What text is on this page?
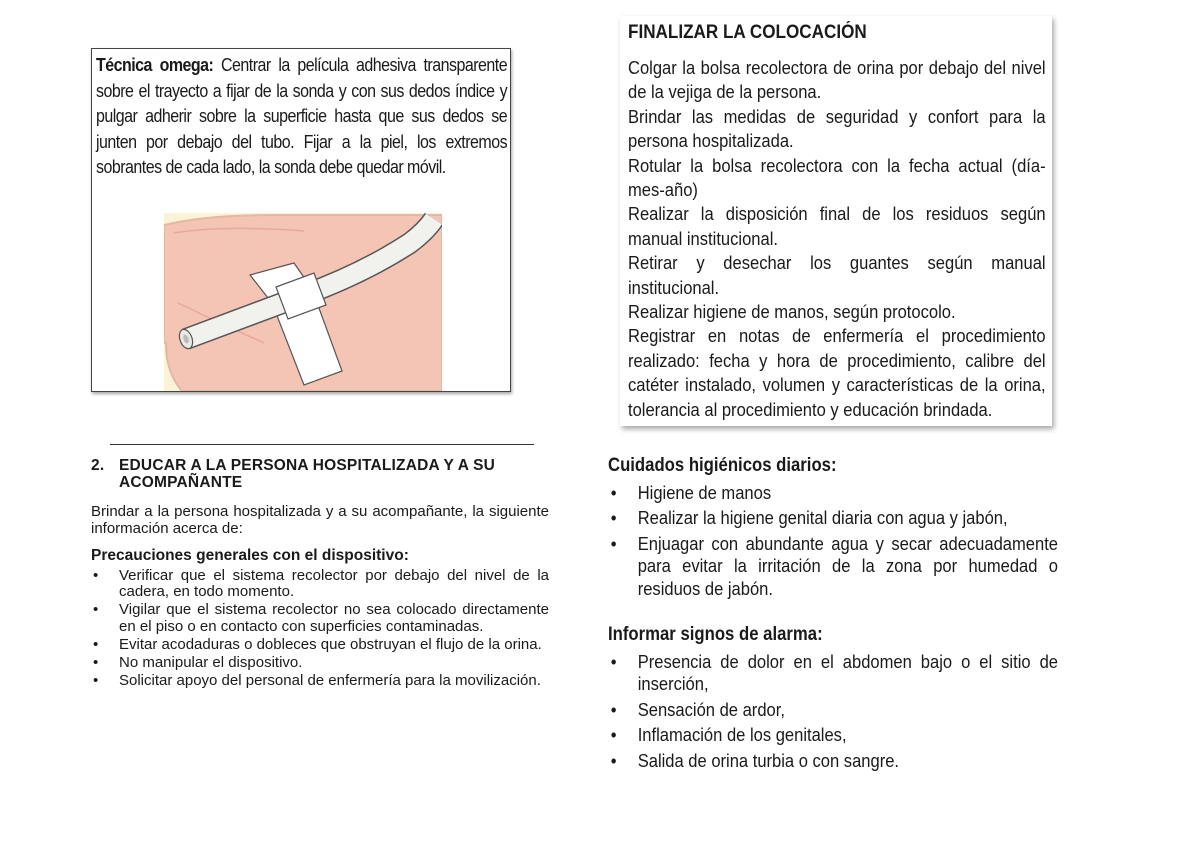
Técnica omega: Centrar la película adhesiva transparente sobre el trayecto a fijar de la sonda y con sus dedos índice y pulgar adherir sobre la superficie hasta que sus dedos se junten por debajo del tubo. Fijar a la piel, los extremos sobrantes de cada lado, la sonda debe quedar móvil.
FINALIZAR LA COLOCACIÓN

Colgar la bolsa recolectora de orina por debajo del nivel de la vejiga de la persona.

Brindar las medidas de seguridad y confort para la persona hospitalizada.

Rotular la bolsa recolectora con la fecha actual (día-mes-año)

Realizar la disposición final de los residuos según manual institucional.

Retirar y desechar los guantes según manual institucional.

Realizar higiene de manos, según protocolo.

Registrar en notas de enfermería el procedimiento realizado: fecha y hora de procedimiento, calibre del catéter instalado, volumen y características de la orina, tolerancia al procedimiento y educación brindada.

2. EDUCAR A LA PERSONA HOSPITALIZADA Y A SU ACOMPAÑANTE
Brindar a la persona hospitalizada y a su acompañante, la siguiente información acerca de:
Precauciones generales con el dispositivo:
• Verificar que el sistema recolector por debajo del nivel de la cadera, en todo momento.
• Vigilar que el sistema recolector no sea colocado directamente en el piso o en contacto con superficies contaminadas.
• Evitar acodaduras o dobleces que obstruyan el flujo de la orina.
• No manipular el dispositivo.
• Solicitar apoyo del personal de enfermería para la movilización.
Cuidados higiénicos diarios:
• Higiene de manos
• Realizar la higiene genital diaria con agua y jabón,
• Enjuagar con abundante agua y secar adecuadamente para evitar la irritación de la zona por humedad o residuos de jabón.
Informar signos de alarma:
• Presencia de dolor en el abdomen bajo o el sitio de inserción,
• Sensación de ardor,
• Inflamación de los genitales,
• Salida de orina turbia o con sangre.
